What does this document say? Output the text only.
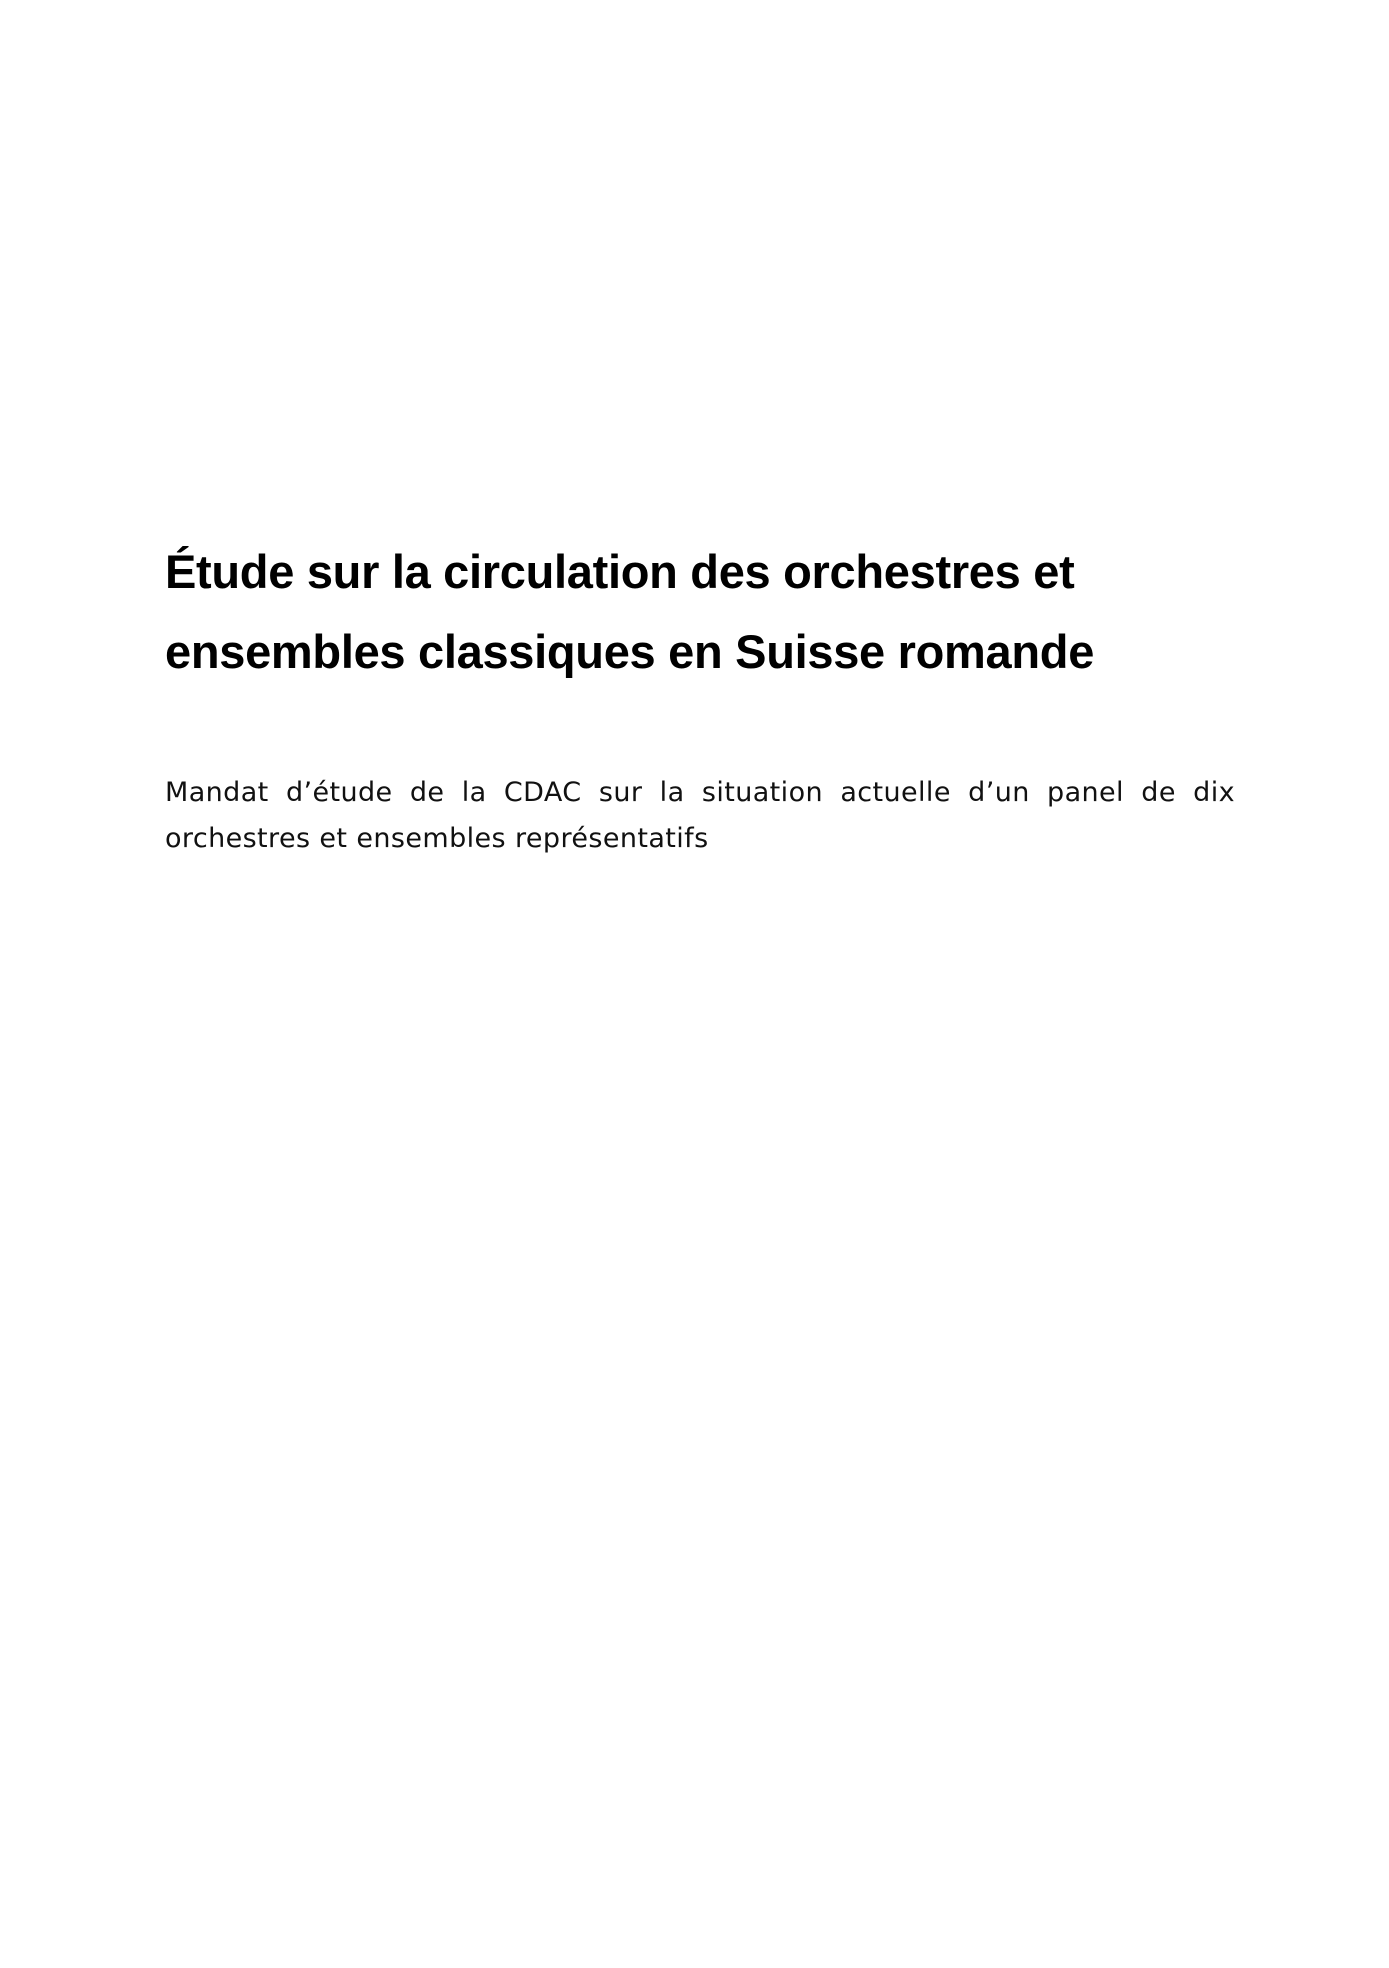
Étude sur la circulation des orchestres et
ensembles classiques en Suisse romande

Mandat d’étude de la CDAC sur la situation actuelle d’un panel de dix orchestres et ensembles représentatifs
